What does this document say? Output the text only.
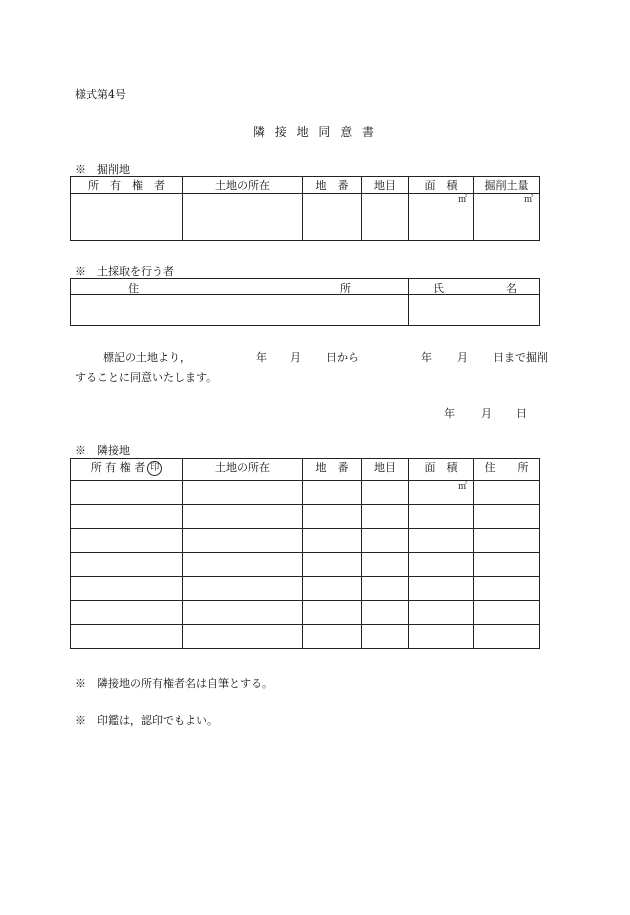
様式第4号
隣 接 地 同 意 書
※　掘削地
所　有　権　者	土地の所在	地　番	地目	面　積	掘削土量

				㎡	㎥
※　土採取を行う者
住 所	氏 名

標記の土地より，	年 月 日から	年 月 日まで掘削
することに同意いたします。
年 月 日
※　隣接地
所 有 権 者 印	土地の所在	地　番	地目	面　積	住　　所

				㎡	

※　隣接地の所有権者名は自筆とする。
※　印鑑は，認印でもよい。
